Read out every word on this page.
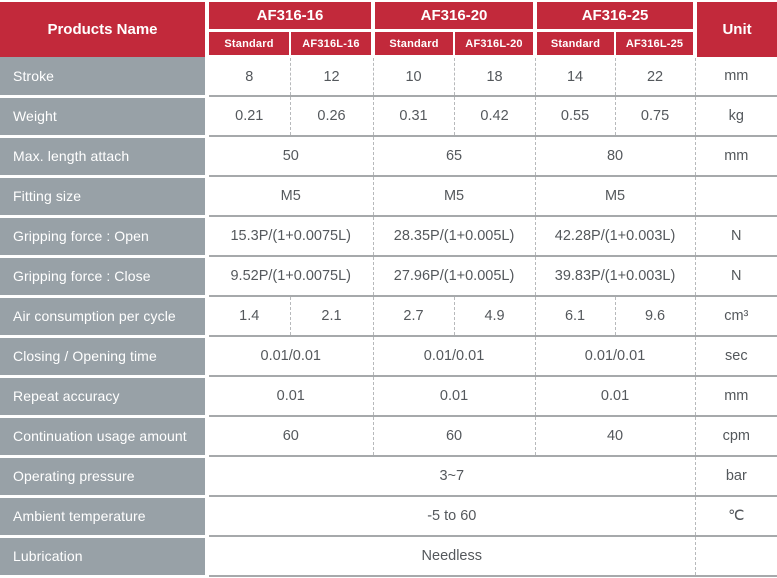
Products Name	AF316-16		AF316-20		AF316-25		Unit
	Standard	AF316L-16	Standard	AF316L-20	Standard	AF316L-25	
Stroke	8	12	10	18	14	22	mm
Weight	0.21	0.26	0.31	0.42	0.55	0.75	kg
Max. length attach	50		65		80		mm
Fitting size	M5		M5		M5		
Gripping force : Open	15.3P/(1+0.0075L)		28.35P/(1+0.005L)		42.28P/(1+0.003L)		N
Gripping force : Close	9.52P/(1+0.0075L)		27.96P/(1+0.005L)		39.83P/(1+0.003L)		N
Air consumption per cycle	1.4	2.1	2.7	4.9	6.1	9.6	cm³
Closing / Opening time	0.01/0.01		0.01/0.01		0.01/0.01		sec
Repeat accuracy	0.01		0.01		0.01		mm
Continuation usage amount	60		60		40		cpm
Operating pressure	3~7						bar
Ambient temperature	-5 to 60						℃
Lubrication	Needless						
